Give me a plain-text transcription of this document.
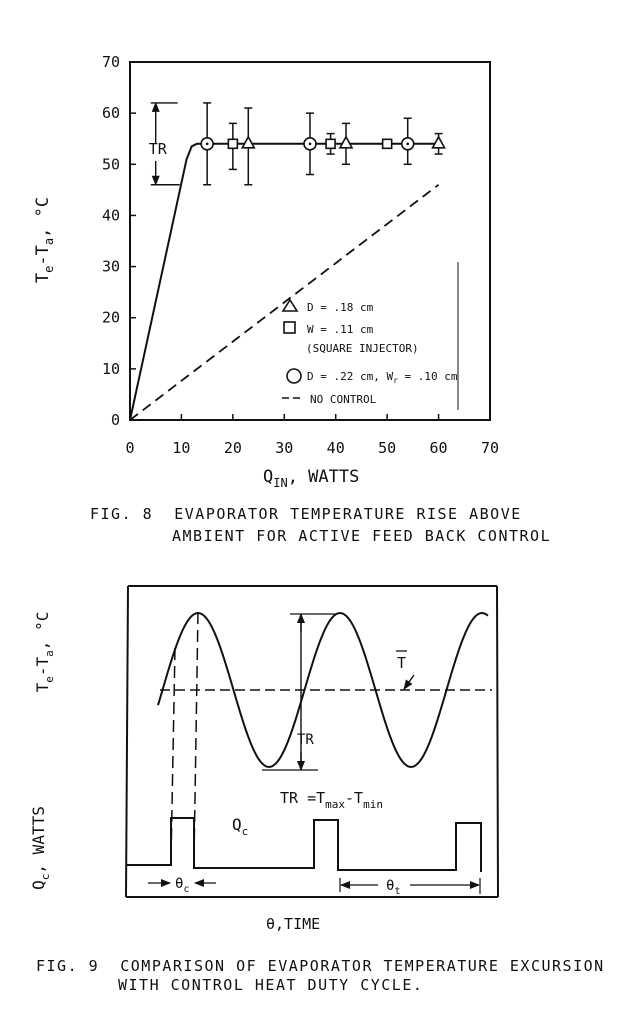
0	10 20 30 40 50 60 70
0
10
20
30
40
50
60
70
TR
$T_e-T_a$, °C
$Q_{IN}$, WATTS
D = .18 cm
W = .11 cm
(SQUARE INJECTOR)
D = .22 cm, $W_r = .10$ cm
NO CONTROL
TR
T
TR $=T_{max}-T_{min}$
$Q_c$
$\theta_c$	$\theta_t$
$T_e-T_a$, °C
$Q_c$, WATTS
θ,TIME
FIG. 8  EVAPORATOR TEMPERATURE RISE ABOVE
AMBIENT FOR ACTIVE FEED BACK CONTROL
FIG. 9  COMPARISON OF EVAPORATOR TEMPERATURE EXCURSION
WITH CONTROL HEAT DUTY CYCLE.
